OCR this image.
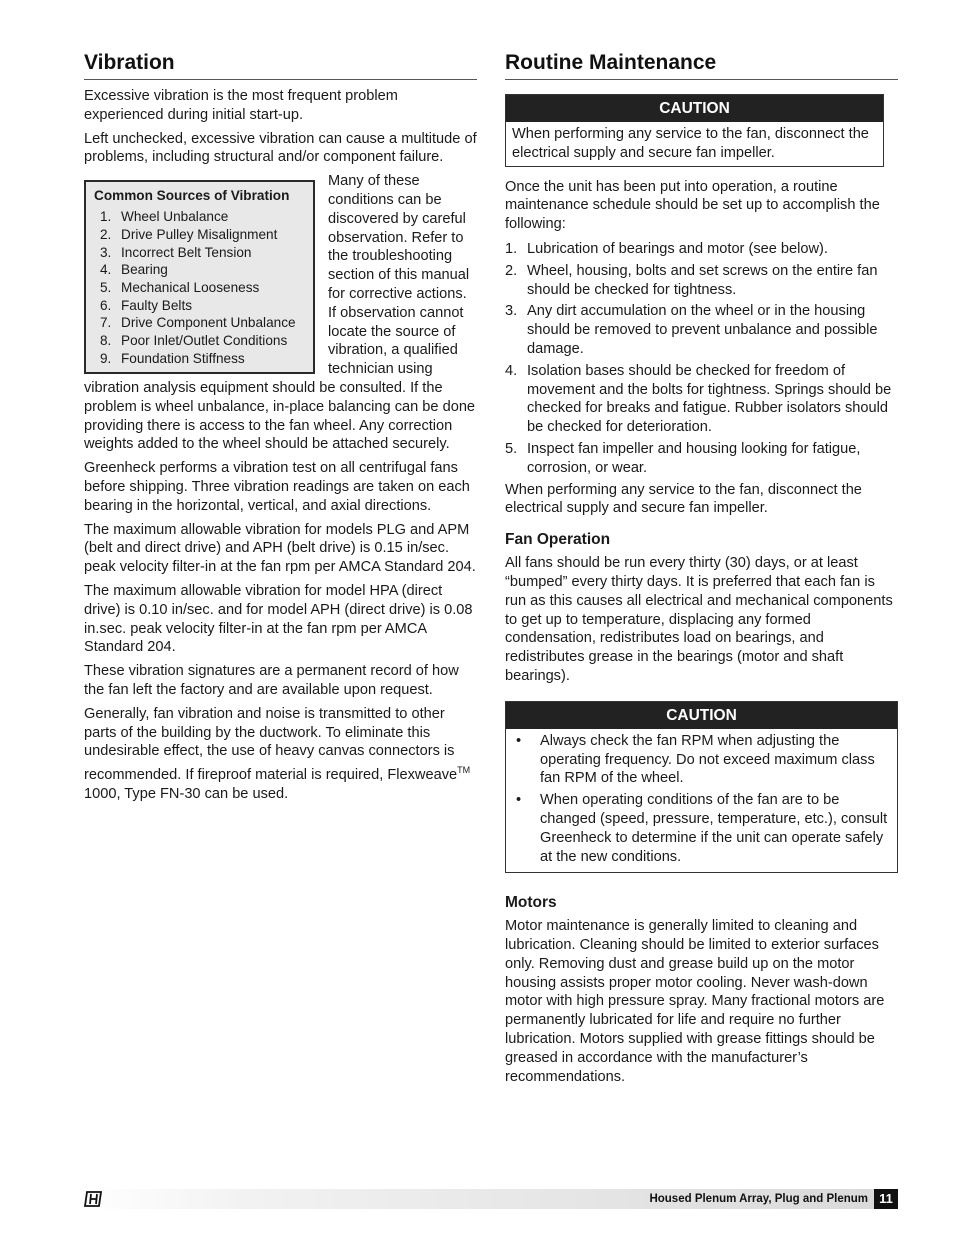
Vibration

Excessive vibration is the most frequent problem experienced during initial start-up.

Left unchecked, excessive vibration can cause a multitude of problems, including structural and/or component failure.

Common Sources of Vibration
1. Wheel Unbalance
2. Drive Pulley Misalignment
3. Incorrect Belt Tension
4. Bearing
5. Mechanical Looseness
6. Faulty Belts
7. Drive Component Unbalance
8. Poor Inlet/Outlet Conditions
9. Foundation Stiffness

Many of these conditions can be discovered by careful observation. Refer to the troubleshooting section of this manual for corrective actions. If observation cannot locate the source of vibration, a qualified technician using vibration analysis equipment should be consulted. If the problem is wheel unbalance, in-place balancing can be done providing there is access to the fan wheel. Any correction weights added to the wheel should be attached securely.

Greenheck performs a vibration test on all centrifugal fans before shipping. Three vibration readings are taken on each bearing in the horizontal, vertical, and axial directions.

The maximum allowable vibration for models PLG and APM (belt and direct drive) and APH (belt drive) is 0.15 in/sec. peak velocity filter-in at the fan rpm per AMCA Standard 204.

The maximum allowable vibration for model HPA (direct drive) is 0.10 in/sec. and for model APH (direct drive) is 0.08 in.sec. peak velocity filter-in at the fan rpm per AMCA Standard 204.

These vibration signatures are a permanent record of how the fan left the factory and are available upon request.

Generally, fan vibration and noise is transmitted to other parts of the building by the ductwork. To eliminate this undesirable effect, the use of heavy canvas connectors is recommended. If fireproof material is required, Flexweave™ 1000, Type FN-30 can be used.

Routine Maintenance
CAUTION
When performing any service to the fan, disconnect the electrical supply and secure fan impeller.

Once the unit has been put into operation, a routine maintenance schedule should be set up to accomplish the following:

1. Lubrication of bearings and motor (see below).
2. Wheel, housing, bolts and set screws on the entire fan should be checked for tightness.
3. Any dirt accumulation on the wheel or in the housing should be removed to prevent unbalance and possible damage.
4. Isolation bases should be checked for freedom of movement and the bolts for tightness. Springs should be checked for breaks and fatigue. Rubber isolators should be checked for deterioration.
5. Inspect fan impeller and housing looking for fatigue, corrosion, or wear.

When performing any service to the fan, disconnect the electrical supply and secure fan impeller.

Fan Operation

All fans should be run every thirty (30) days, or at least “bumped” every thirty days. It is preferred that each fan is run as this causes all electrical and mechanical components to get up to temperature, displacing any formed condensation, redistributes load on bearings, and redistributes grease in the bearings (motor and shaft bearings).

CAUTION
•	Always check the fan RPM when adjusting the operating frequency. Do not exceed maximum class fan RPM of the wheel.
•	When operating conditions of the fan are to be changed (speed, pressure, temperature, etc.), consult Greenheck to determine if the unit can operate safely at the new conditions.
Motors

Motor maintenance is generally limited to cleaning and lubrication. Cleaning should be limited to exterior surfaces only. Removing dust and grease build up on the motor housing assists proper motor cooling. Never wash-down motor with high pressure spray. Many fractional motors are permanently lubricated for life and require no further lubrication. Motors supplied with grease fittings should be greased in accordance with the manufacturer’s recommendations.

Housed Plenum Array, Plug and Plenum 11
